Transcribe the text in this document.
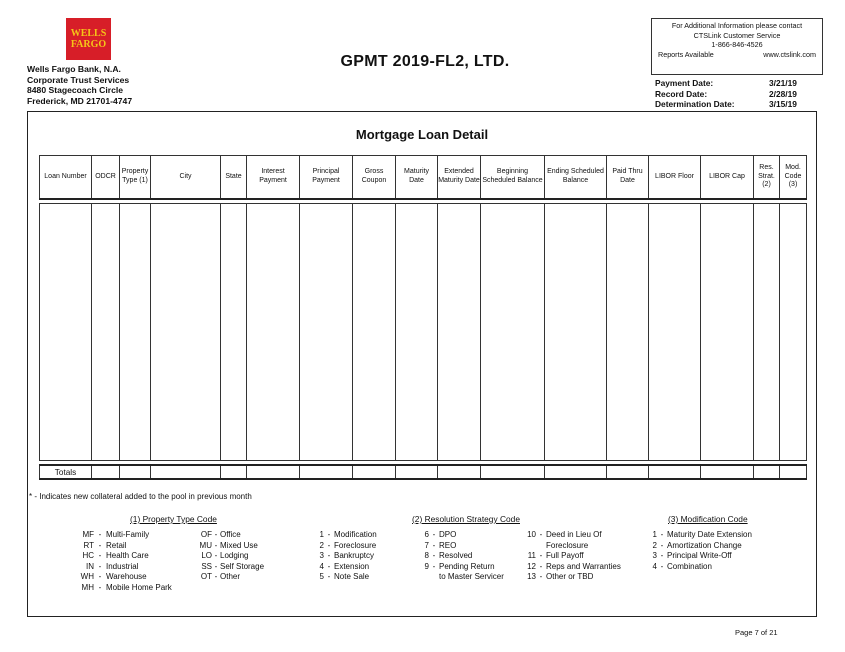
WELLS
FARGO
Wells Fargo Bank, N.A.
Corporate Trust Services
8480 Stagecoach Circle
Frederick, MD 21701-4747
GPMT 2019-FL2, LTD.
For Additional Information please contact
CTSLink Customer Service
1-866-846-4526
Reports Available	www.ctslink.com
Payment Date:	3/21/19
Record Date:	2/28/19
Determination Date:	3/15/19
Mortgage Loan Detail
Loan Number	ODCR	Property Type (1)	City	State	Interest Payment	Principal Payment	Gross Coupon	Maturity Date	Extended Maturity Date	Beginning Scheduled Balance	Ending Scheduled Balance	Paid Thru Date	LIBOR Floor	LIBOR Cap	Res. Strat. (2)	Mod. Code (3)

Totals																
* - Indicates new collateral added to the pool in previous month
(1) Property Type Code	(2) Resolution Strategy Code	(3) Modification Code
MF - Multi-Family
RT - Retail
HC - Health Care
IN - Industrial
WH - Warehouse
MH - Mobile Home Park
OF - Office
MU - Mixed Use
LO - Lodging
SS - Self Storage
OT - Other
1 - Modification
2 - Foreclosure
3 - Bankruptcy
4 - Extension
5 - Note Sale
6 - DPO
7 - REO
8 - Resolved
9 - Pending Return
to Master Servicer
10 - Deed in Lieu Of
Foreclosure
11 - Full Payoff
12 - Reps and Warranties
13 - Other or TBD
1 - Maturity Date Extension
2 - Amortization Change
3 - Principal Write-Off
4 - Combination
Page 7 of 21
